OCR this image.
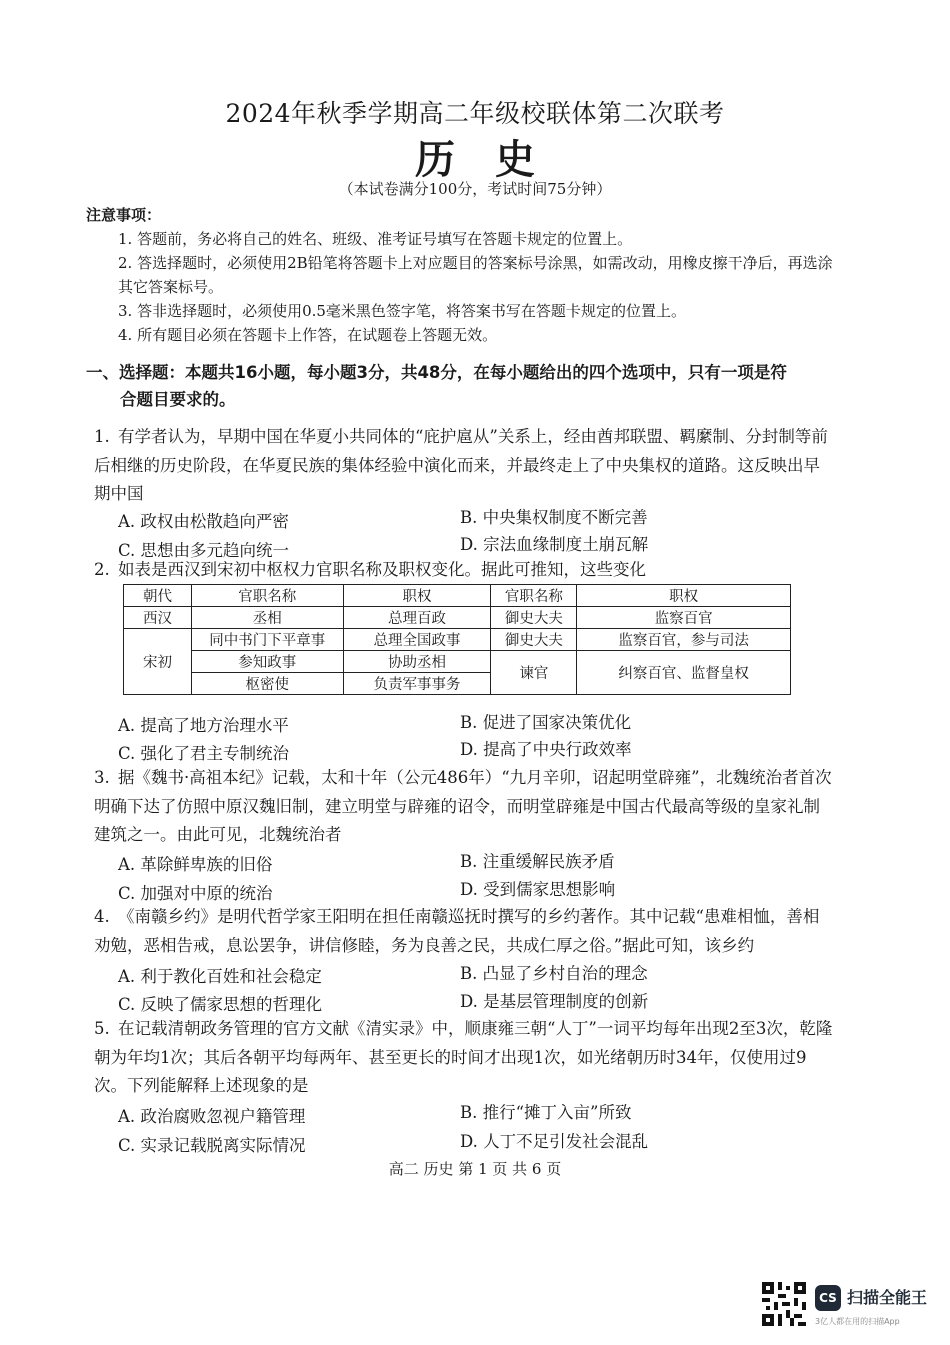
2024年秋季学期高二年级校联体第二次联考
历史
（本试卷满分100分，考试时间75分钟）
注意事项：
1. 答题前，务必将自己的姓名、班级、准考证号填写在答题卡规定的位置上。
2. 答选择题时，必须使用2B铅笔将答题卡上对应题目的答案标号涂黑，如需改动，用橡皮擦干净后，再选涂其它答案标号。
3. 答非选择题时，必须使用0.5毫米黑色签字笔，将答案书写在答题卡规定的位置上。
4. 所有题目必须在答题卡上作答，在试题卷上答题无效。
一、选择题：本题共16小题，每小题3分，共48分，在每小题给出的四个选项中，只有一项是符
合题目要求的。
1. 有学者认为，早期中国在华夏小共同体的“庇护扈从”关系上，经由酋邦联盟、羁縻制、分封制等前后相继的历史阶段，在华夏民族的集体经验中演化而来，并最终走上了中央集权的道路。这反映出早期中国
A. 政权由松散趋向严密	B. 中央集权制度不断完善
C. 思想由多元趋向统一	D. 宗法血缘制度土崩瓦解
2. 如表是西汉到宋初中枢权力官职名称及职权变化。据此可推知，这些变化
朝代	官职名称	职权	官职名称	职权
西汉	丞相	总理百政	御史大夫	监察百官
宋初	同中书门下平章事	总理全国政事	御史大夫	监察百官，参与司法
	参知政事	协助丞相	谏官	纠察百官、监督皇权
	枢密使	负责军事事务		
A. 提高了地方治理水平	B. 促进了国家决策优化
C. 强化了君主专制统治	D. 提高了中央行政效率
3. 据《魏书·高祖本纪》记载，太和十年（公元486年）“九月辛卯，诏起明堂辟雍”，北魏统治者首次明确下达了仿照中原汉魏旧制，建立明堂与辟雍的诏令，而明堂辟雍是中国古代最高等级的皇家礼制建筑之一。由此可见，北魏统治者
A. 革除鲜卑族的旧俗	B. 注重缓解民族矛盾
C. 加强对中原的统治	D. 受到儒家思想影响
4. 《南赣乡约》是明代哲学家王阳明在担任南赣巡抚时撰写的乡约著作。其中记载“患难相恤，善相劝勉，恶相告戒，息讼罢争，讲信修睦，务为良善之民，共成仁厚之俗。”据此可知，该乡约
A. 利于教化百姓和社会稳定	B. 凸显了乡村自治的理念
C. 反映了儒家思想的哲理化	D. 是基层管理制度的创新
5. 在记载清朝政务管理的官方文献《清实录》中，顺康雍三朝“人丁”一词平均每年出现2至3次，乾隆朝为年均1次；其后各朝平均每两年、甚至更长的时间才出现1次，如光绪朝历时34年，仅使用过9次。下列能解释上述现象的是
A. 政治腐败忽视户籍管理	B. 推行“摊丁入亩”所致
C. 实录记载脱离实际情况	D. 人丁不足引发社会混乱
高二 历史 第 1 页 共 6 页
CS 扫描全能王
3亿人都在用的扫描App
